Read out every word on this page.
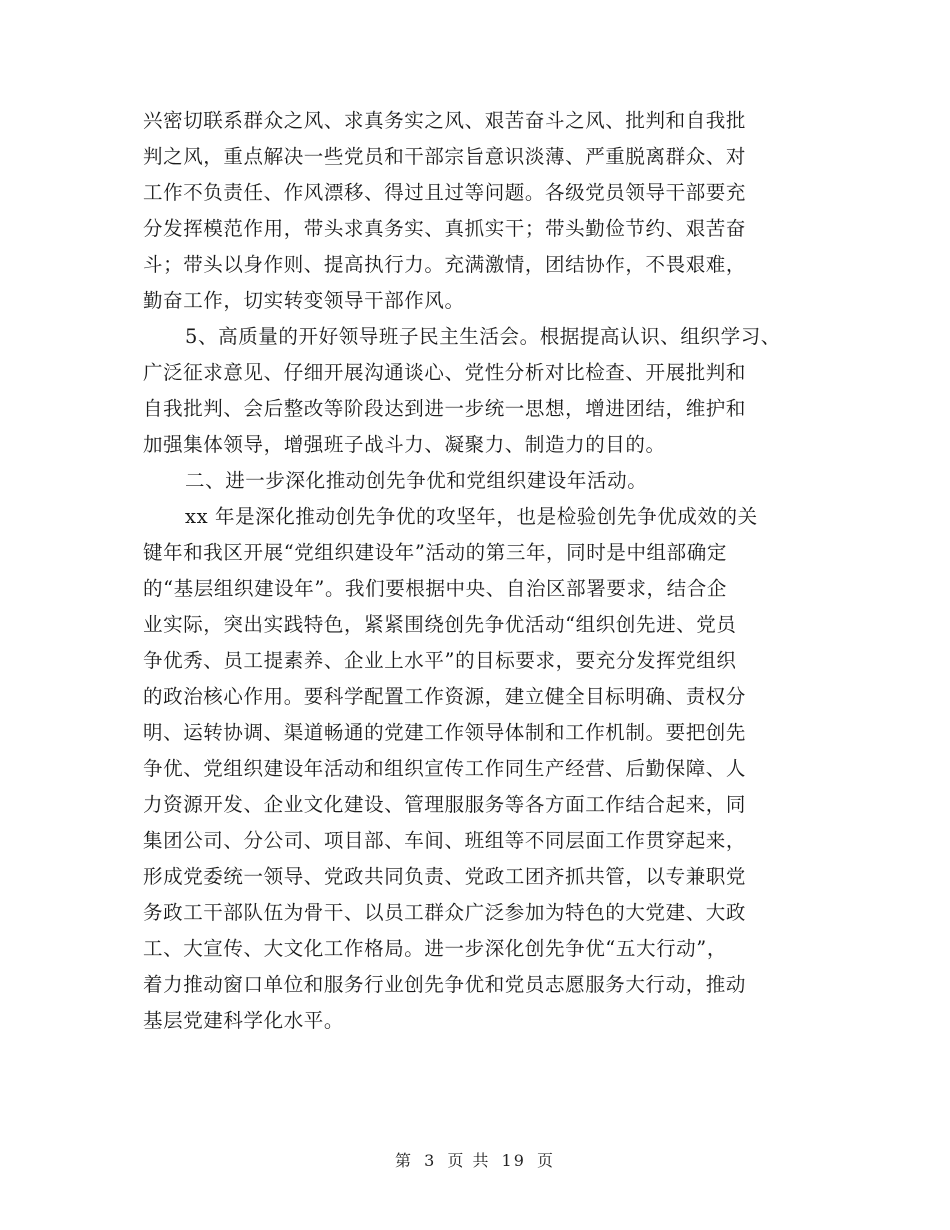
兴密切联系群众之风、求真务实之风、艰苦奋斗之风、批判和自我批
判之风，重点解决一些党员和干部宗旨意识淡薄、严重脱离群众、对
工作不负责任、作风漂移、得过且过等问题。各级党员领导干部要充
分发挥模范作用，带头求真务实、真抓实干；带头勤俭节约、艰苦奋
斗；带头以身作则、提高执行力。充满激情，团结协作，不畏艰难，
勤奋工作，切实转变领导干部作风。
5、高质量的开好领导班子民主生活会。根据提高认识、组织学习、
广泛征求意见、仔细开展沟通谈心、党性分析对比检查、开展批判和
自我批判、会后整改等阶段达到进一步统一思想，增进团结，维护和
加强集体领导，增强班子战斗力、凝聚力、制造力的目的。
二、进一步深化推动创先争优和党组织建设年活动。
xx 年是深化推动创先争优的攻坚年，也是检验创先争优成效的关
键年和我区开展“党组织建设年”活动的第三年，同时是中组部确定
的“基层组织建设年”。我们要根据中央、自治区部署要求，结合企
业实际，突出实践特色，紧紧围绕创先争优活动“组织创先进、党员
争优秀、员工提素养、企业上水平”的目标要求，要充分发挥党组织
的政治核心作用。要科学配置工作资源，建立健全目标明确、责权分
明、运转协调、渠道畅通的党建工作领导体制和工作机制。要把创先
争优、党组织建设年活动和组织宣传工作同生产经营、后勤保障、人
力资源开发、企业文化建设、管理服服务等各方面工作结合起来，同
集团公司、分公司、项目部、车间、班组等不同层面工作贯穿起来，
形成党委统一领导、党政共同负责、党政工团齐抓共管，以专兼职党
务政工干部队伍为骨干、以员工群众广泛参加为特色的大党建、大政
工、大宣传、大文化工作格局。进一步深化创先争优“五大行动”，
着力推动窗口单位和服务行业创先争优和党员志愿服务大行动，推动
基层党建科学化水平。
第 3 页 共 19 页
